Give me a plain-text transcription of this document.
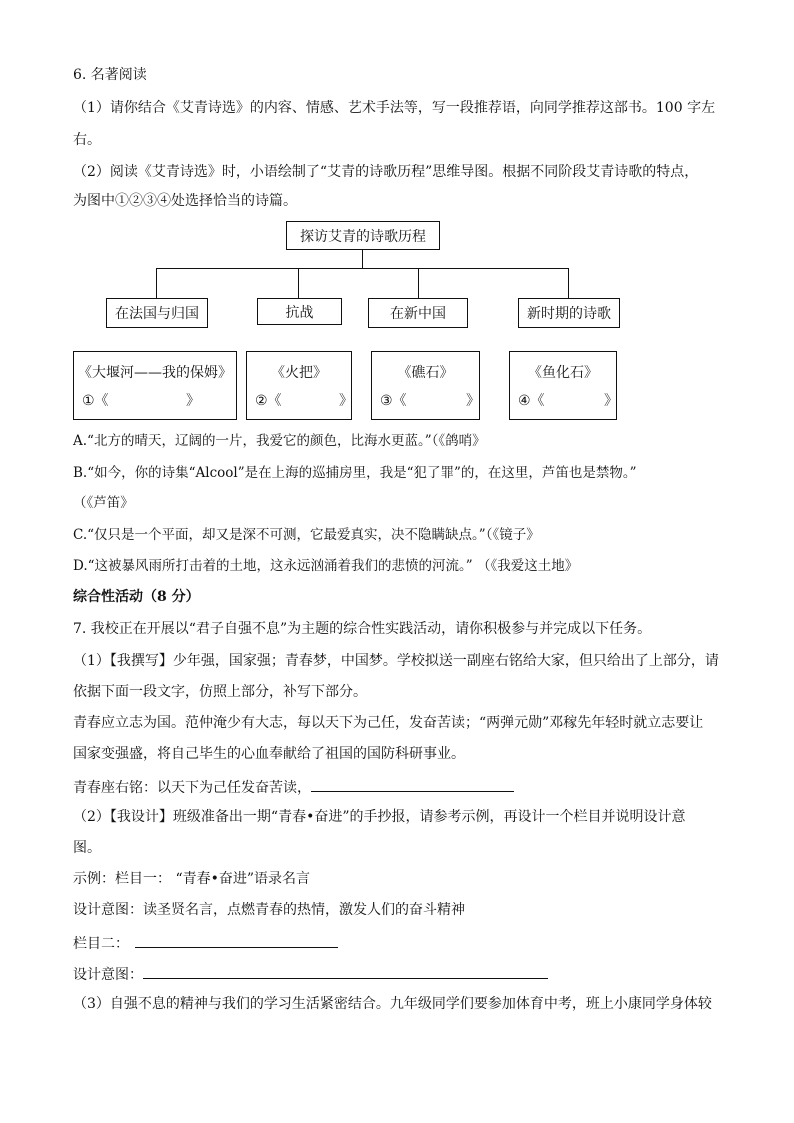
6. 名著阅读
（1）请你结合《艾青诗选》的内容、情感、艺术手法等，写一段推荐语，向同学推荐这部书。100 字左
右。
（2）阅读《艾青诗选》时，小语绘制了“艾青的诗歌历程”思维导图。根据不同阶段艾青诗歌的特点，
为图中①②③④处选择恰当的诗篇。
探访艾青的诗歌历程
在法国与归国	抗战	在新中国	新时期的诗歌
《大堰河——我的保姆》
①《	》
《火把》
②《	》
《礁石》
③《	》
《鱼化石》
④《	》
A.“北方的晴天，辽阔的一片，我爱它的颜色，比海水更蓝。”（《鸽哨》
B.“如今，你的诗集“Alcool”是在上海的巡捕房里，我是“犯了罪”的，在这里，芦笛也是禁物。”
（《芦笛》
C.“仅只是一个平面，却又是深不可测，它最爱真实，决不隐瞒缺点。”（《镜子》
D.“这被暴风雨所打击着的土地，这永远汹涌着我们的悲愤的河流。” （《我爱这土地》
综合性活动（8 分）
7. 我校正在开展以“君子自强不息”为主题的综合性实践活动，请你积极参与并完成以下任务。
（1）【我撰写】少年强，国家强；青春梦，中国梦。学校拟送一副座右铭给大家，但只给出了上部分，请
依据下面一段文字，仿照上部分，补写下部分。
青春应立志为国。范仲淹少有大志，每以天下为己任，发奋苦读；“两弹元勋”邓稼先年轻时就立志要让
国家变强盛，将自己毕生的心血奉献给了祖国的国防科研事业。
青春座右铭：以天下为己任发奋苦读，
（2）【我设计】班级准备出一期“青春•奋进”的手抄报，请参考示例，再设计一个栏目并说明设计意
图。
示例：栏目一： “青春•奋进”语录名言
设计意图：读圣贤名言，点燃青春的热情，激发人们的奋斗精神
栏目二：
设计意图：
（3）自强不息的精神与我们的学习生活紧密结合。九年级同学们要参加体育中考，班上小康同学身体较
